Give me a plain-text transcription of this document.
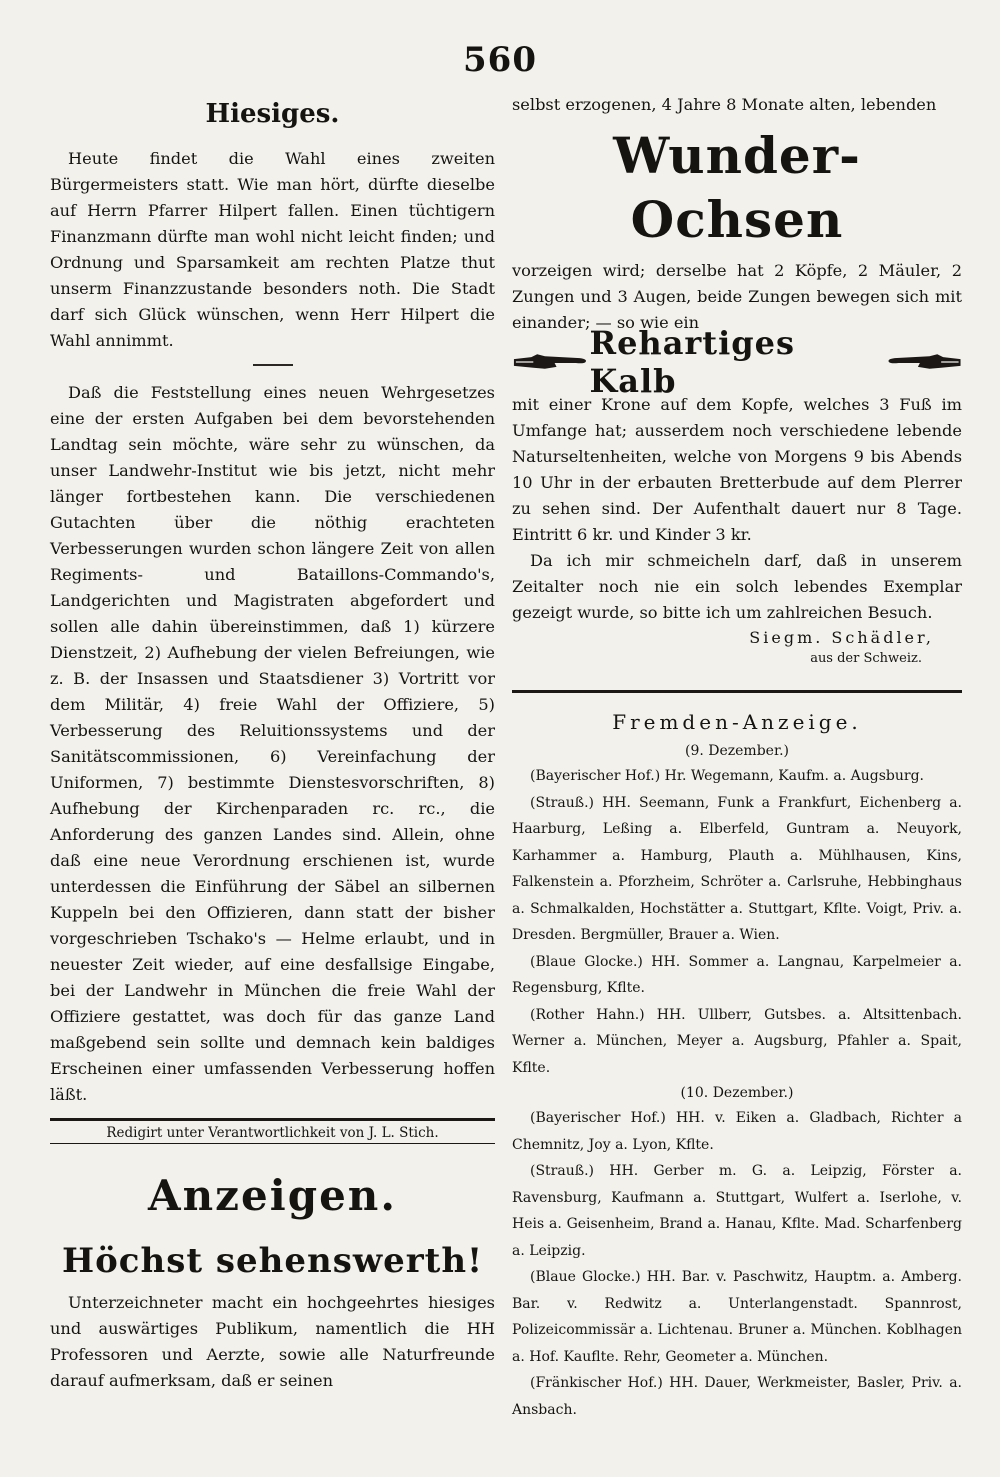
560
Hiesiges.

Heute findet die Wahl eines zweiten Bürgermeisters statt. Wie man hört, dürfte dieselbe auf Herrn Pfarrer Hilpert fallen. Einen tüchtigern Finanzmann dürfte man wohl nicht leicht finden; und Ordnung und Sparsamkeit am rechten Platze thut unserm Finanzzustande besonders noth. Die Stadt darf sich Glück wünschen, wenn Herr Hilpert die Wahl annimmt.

Daß die Feststellung eines neuen Wehrgesetzes eine der ersten Aufgaben bei dem bevorstehenden Landtag sein möchte, wäre sehr zu wünschen, da unser Landwehr-Institut wie bis jetzt, nicht mehr länger fortbestehen kann. Die verschiedenen Gutachten über die nöthig erachteten Verbesserungen wurden schon längere Zeit von allen Regiments- und Bataillons-Commando's, Landgerichten und Magistraten abgefordert und sollen alle dahin übereinstimmen, daß 1) kürzere Dienstzeit, 2) Aufhebung der vielen Befreiungen, wie z. B. der Insassen und Staatsdiener 3) Vortritt vor dem Militär, 4) freie Wahl der Offiziere, 5) Verbesserung des Reluitionssystems und der Sanitätscommissionen, 6) Vereinfachung der Uniformen, 7) bestimmte Dienstesvorschriften, 8) Aufhebung der Kirchenparaden rc. rc., die Anforderung des ganzen Landes sind. Allein, ohne daß eine neue Verordnung erschienen ist, wurde unterdessen die Einführung der Säbel an silbernen Kuppeln bei den Offizieren, dann statt der bisher vorgeschrieben Tschako's — Helme erlaubt, und in neuester Zeit wieder, auf eine desfallsige Eingabe, bei der Landwehr in München die freie Wahl der Offiziere gestattet, was doch für das ganze Land maßgebend sein sollte und demnach kein baldiges Erscheinen einer umfassenden Verbesserung hoffen läßt.

Redigirt unter Verantwortlichkeit von J. L. Stich.

Anzeigen.
Höchst sehenswerth!

Unterzeichneter macht ein hochgeehrtes hiesiges und auswärtiges Publikum, namentlich die HH Professoren und Aerzte, sowie alle Naturfreunde darauf aufmerksam, daß er seinen

selbst erzogenen, 4 Jahre 8 Monate alten, lebenden

Wunder-Ochsen

vorzeigen wird; derselbe hat 2 Köpfe, 2 Mäuler, 2 Zungen und 3 Augen, beide Zungen bewegen sich mit einander; — so wie ein

Rehartiges Kalb

mit einer Krone auf dem Kopfe, welches 3 Fuß im Umfange hat; ausserdem noch verschiedene lebende Naturseltenheiten, welche von Morgens 9 bis Abends 10 Uhr in der erbauten Bretterbude auf dem Plerrer zu sehen sind. Der Aufenthalt dauert nur 8 Tage. Eintritt 6 kr. und Kinder 3 kr.

Da ich mir schmeicheln darf, daß in unserem Zeitalter noch nie ein solch lebendes Exemplar gezeigt wurde, so bitte ich um zahlreichen Besuch.

Siegm. Schädler,
aus der Schweiz.
Fremden-Anzeige.
(9. Dezember.)

(Bayerischer Hof.) Hr. Wegemann, Kaufm. a. Augsburg.

(Strauß.) HH. Seemann, Funk a Frankfurt, Eichenberg a. Haarburg, Leßing a. Elberfeld, Guntram a. Neuyork, Karhammer a. Hamburg, Plauth a. Mühlhausen, Kins, Falkenstein a. Pforzheim, Schröter a. Carlsruhe, Hebbinghaus a. Schmalkalden, Hochstätter a. Stuttgart, Kflte. Voigt, Priv. a. Dresden. Bergmüller, Brauer a. Wien.

(Blaue Glocke.) HH. Sommer a. Langnau, Karpelmeier a. Regensburg, Kflte.

(Rother Hahn.) HH. Ullberr, Gutsbes. a. Altsittenbach. Werner a. München, Meyer a. Augsburg, Pfahler a. Spait, Kflte.

(10. Dezember.)

(Bayerischer Hof.) HH. v. Eiken a. Gladbach, Richter a Chemnitz, Joy a. Lyon, Kflte.

(Strauß.) HH. Gerber m. G. a. Leipzig, Förster a. Ravensburg, Kaufmann a. Stuttgart, Wulfert a. Iserlohe, v. Heis a. Geisenheim, Brand a. Hanau, Kflte. Mad. Scharfenberg a. Leipzig.

(Blaue Glocke.) HH. Bar. v. Paschwitz, Hauptm. a. Amberg. Bar. v. Redwitz a. Unterlangenstadt. Spannrost, Polizeicommissär a. Lichtenau. Bruner a. München. Koblhagen a. Hof. Kauflte. Rehr, Geometer a. München.

(Fränkischer Hof.) HH. Dauer, Werkmeister, Basler, Priv. a. Ansbach.
